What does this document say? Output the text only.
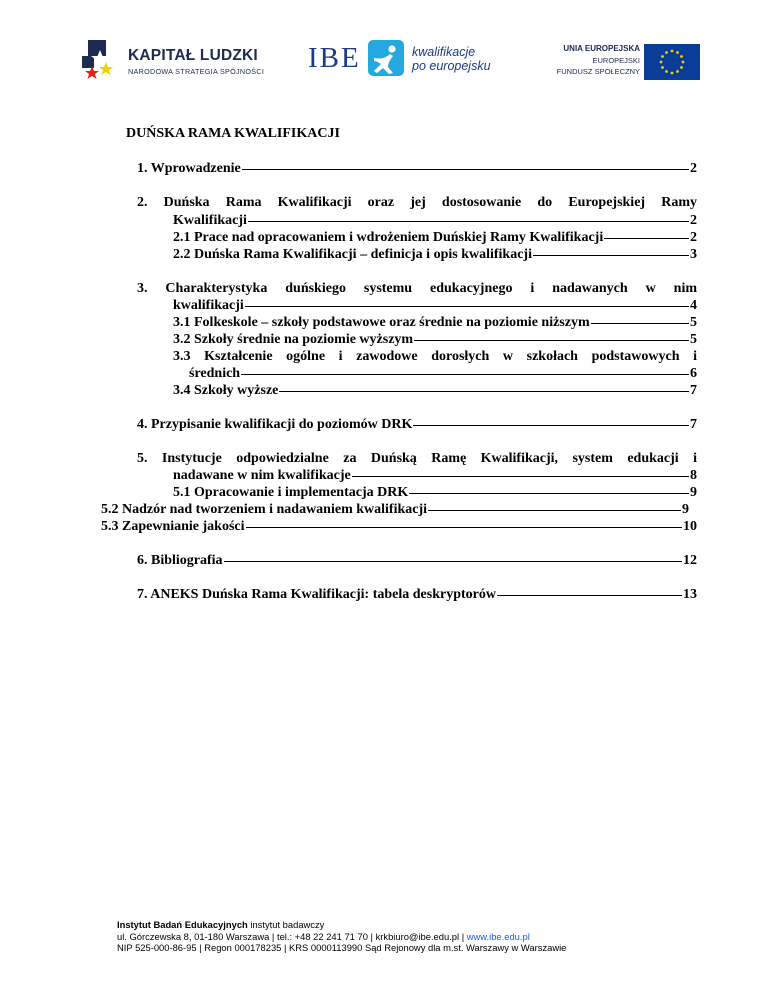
KAPITAŁ LUDZKI
NARODOWA STRATEGIA SPÓJNOŚCI IBE	kwalifikacje
po europejsku
UNIA EUROPEJSKA
EUROPEJSKI
FUNDUSZ SPOŁECZNY
DUŃSKA RAMA KWALIFIKACJI
1. Wprowadzenie	2
2. Duńska Rama Kwalifikacji oraz jej dostosowanie do Europejskiej Ramy
Kwalifikacji	2
2.1 Prace nad opracowaniem i wdrożeniem Duńskiej Ramy Kwalifikacji	2
2.2 Duńska Rama Kwalifikacji – definicja i opis kwalifikacji	3
3. Charakterystyka duńskiego systemu edukacyjnego i nadawanych w nim
kwalifikacji	4
3.1 Folkeskole – szkoły podstawowe oraz średnie na poziomie niższym	5
3.2 Szkoły średnie na poziomie wyższym	5
3.3 Kształcenie ogólne i zawodowe dorosłych w szkołach podstawowych i
średnich	6
3.4 Szkoły wyższe	7
4. Przypisanie kwalifikacji do poziomów DRK	7
5. Instytucje odpowiedzialne za Duńską Ramę Kwalifikacji, system edukacji i
nadawane w nim kwalifikacje	8
5.1 Opracowanie i implementacja DRK	9
5.2 Nadzór nad tworzeniem i nadawaniem kwalifikacji	9
5.3 Zapewnianie jakości	10
6. Bibliografia	12
7. ANEKS Duńska Rama Kwalifikacji: tabela deskryptorów	13
Instytut Badań Edukacyjnych instytut badawczy
ul. Górczewska 8, 01-180 Warszawa | tel.: +48 22 241 71 70 | krkbiuro@ibe.edu.pl | www.ibe.edu.pl
NIP 525-000-86-95 | Regon 000178235 | KRS 0000113990 Sąd Rejonowy dla m.st. Warszawy w Warszawie
